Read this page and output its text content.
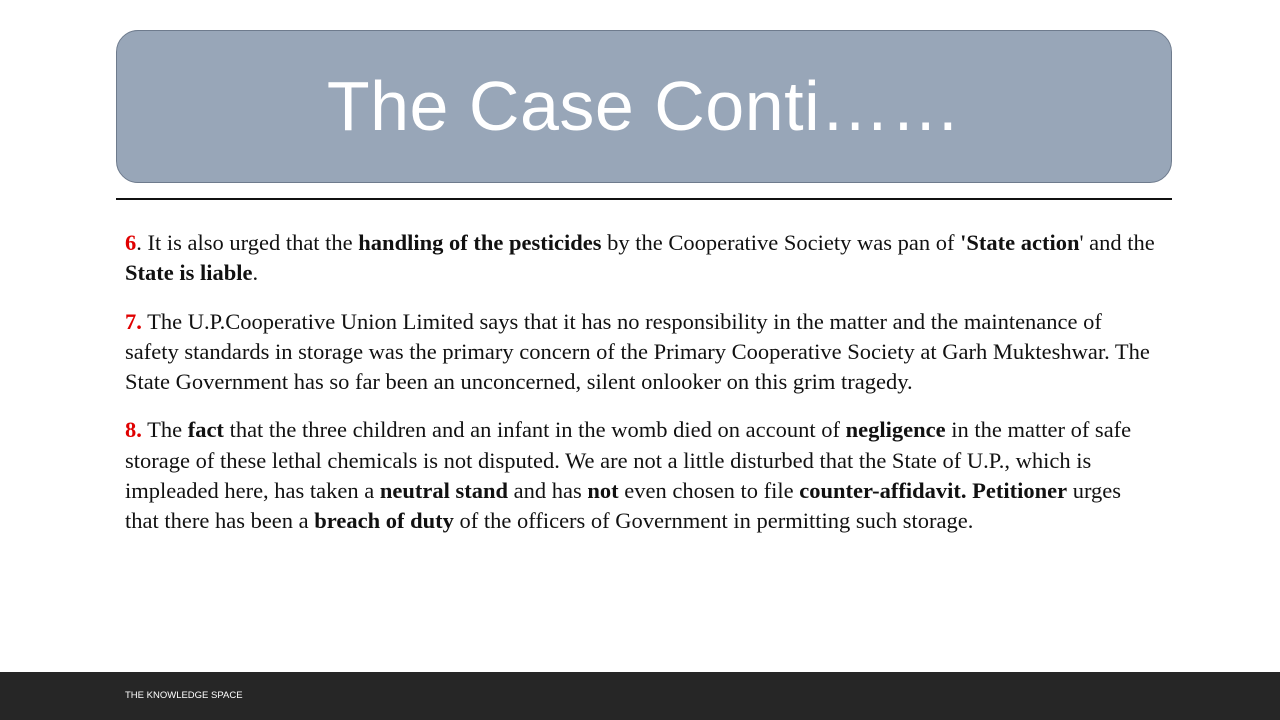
The Case Conti……

6. It is also urged that the handling of the pesticides by the Cooperative Society was pan of 'State action' and the State is liable.

7. The U.P.Cooperative Union Limited says that it has no responsibility in the matter and the maintenance of safety standards in storage was the primary concern of the Primary Cooperative Society at Garh Mukteshwar. The State Government has so far been an unconcerned, silent onlooker on this grim tragedy.

8. The fact that the three children and an infant in the womb died on account of negligence in the matter of safe storage of these lethal chemicals is not disputed. We are not a little disturbed that the State of U.P., which is impleaded here, has taken a neutral stand and has not even chosen to file counter-affidavit. Petitioner urges that there has been a breach of duty of the officers of Government in permitting such storage.

THE KNOWLEDGE SPACE
